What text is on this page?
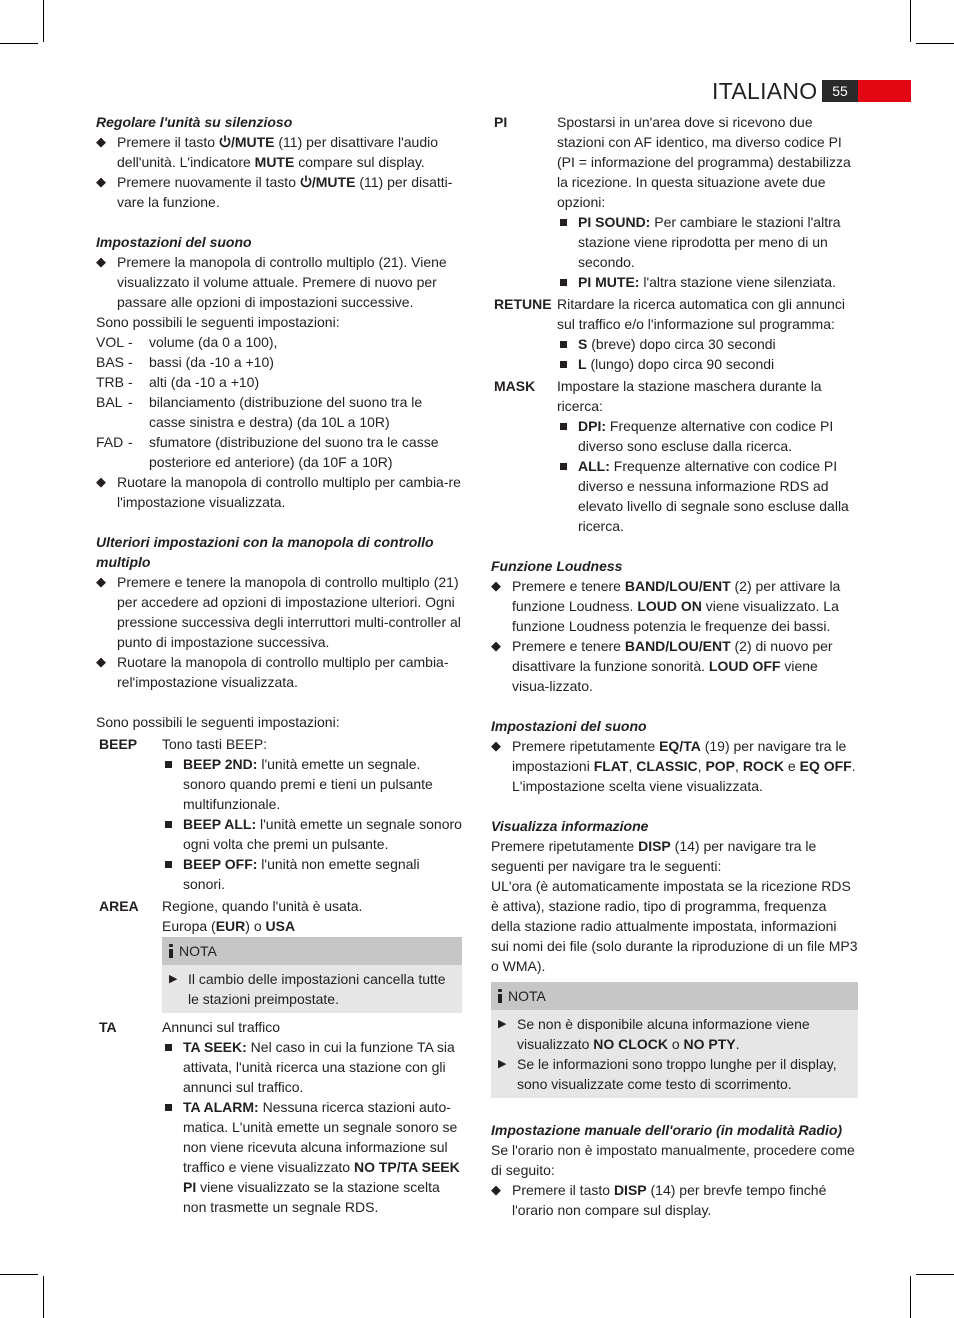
ITALIANO	55

Regolare l'unità su silenzioso

◆ Premere il tasto /MUTE (11) per disattivare l'audio dell'unità. L'indicatore MUTE compare sul display.
◆ Premere nuovamente il tasto /MUTE (11) per disatti-vare la funzione.

Impostazioni del suono

◆ Premere la manopola di controllo multiplo (21). Viene visualizzato il volume attuale. Premere di nuovo per passare alle opzioni di impostazioni successive.

Sono possibili le seguenti impostazioni:

VOL -	volume (da 0 a 100),
BAS -	bassi (da -10 a +10)
TRB -	alti (da -10 a +10)
BAL -	bilanciamento (distribuzione del suono tra le casse sinistra e destra) (da 10L a 10R)
FAD -	sfumatore (distribuzione del suono tra le casse posteriore ed anteriore) (da 10F a 10R)
◆ Ruotare la manopola di controllo multiplo per cambia-re l'impostazione visualizzata.

Ulteriori impostazioni con la manopola di controllo multiplo

◆ Premere e tenere la manopola di controllo multiplo (21) per accedere ad opzioni di impostazione ulteriori. Ogni pressione successiva degli interruttori multi-controller al punto di impostazione successiva.
◆ Ruotare la manopola di controllo multiplo per cambia-rel'impostazione visualizzata.

Sono possibili le seguenti impostazioni:

BEEP	Tono tasti BEEP:

BEEP 2ND: l'unità emette un segnale. sonoro quando premi e tieni un pulsante multifunzionale.
BEEP ALL: l'unità emette un segnale sonoro ogni volta che premi un pulsante.
BEEP OFF: l'unità non emette segnali sonori.
AREA	Regione, quando l'unità è usata.

Europa (EUR) o USA

NOTA
▶ Il cambio delle impostazioni cancella tutte le stazioni preimpostate.
TA	Annunci sul traffico

TA SEEK: Nel caso in cui la funzione TA sia attivata, l'unità ricerca una stazione con gli annunci sul traffico.
TA ALARM: Nessuna ricerca stazioni auto-matica. L'unità emette un segnale sonoro se non viene ricevuta alcuna informazione sul traffico e viene visualizzato NO TP/TA SEEK PI viene visualizzato se la stazione scelta non trasmette un segnale RDS.
PI	Spostarsi in un'area dove si ricevono due stazioni con AF identico, ma diverso codice PI (PI = informazione del programma) destabilizza la ricezione. In questa situazione avete due opzioni:

PI SOUND: Per cambiare le stazioni l'altra stazione viene riprodotta per meno di un secondo.
PI MUTE: l'altra stazione viene silenziata.
RETUNE Ritardare la ricerca automatica con gli annunci sul traffico e/o l'informazione sul programma:

S (breve) dopo circa 30 secondi
L (lungo) dopo circa 90 secondi
MASK	Impostare la stazione maschera durante la ricerca:

DPI: Frequenze alternative con codice PI diverso sono escluse dalla ricerca.
ALL: Frequenze alternative con codice PI diverso e nessuna informazione RDS ad elevato livello di segnale sono escluse dalla ricerca.

Funzione Loudness

◆ Premere e tenere BAND/LOU/ENT (2) per attivare la funzione Loudness. LOUD ON viene visualizzato. La funzione Loudness potenzia le frequenze dei bassi.
◆ Premere e tenere BAND/LOU/ENT (2) di nuovo per disattivare la funzione sonorità. LOUD OFF viene visua-lizzato.

Impostazioni del suono

◆ Premere ripetutamente EQ/TA (19) per navigare tra le impostazioni FLAT, CLASSIC, POP, ROCK e EQ OFF. L'impostazione scelta viene visualizzata.

Visualizza informazione

Premere ripetutamente DISP (14) per navigare tra le seguenti per navigare tra le seguenti:

UL'ora (è automaticamente impostata se la ricezione RDS è attiva), stazione radio, tipo di programma, frequenza della stazione radio attualmente impostata, informazioni sui nomi dei file (solo durante la riproduzione di un file MP3 o WMA).

NOTA
▶ Se non è disponibile alcuna informazione viene visualizzato NO CLOCK o NO PTY.
▶ Se le informazioni sono troppo lunghe per il display, sono visualizzate come testo di scorrimento.

Impostazione manuale dell'orario (in modalità Radio)

Se l'orario non è impostato manualmente, procedere come di seguito:

◆ Premere il tasto DISP (14) per brevfe tempo finché l'orario non compare sul display.
